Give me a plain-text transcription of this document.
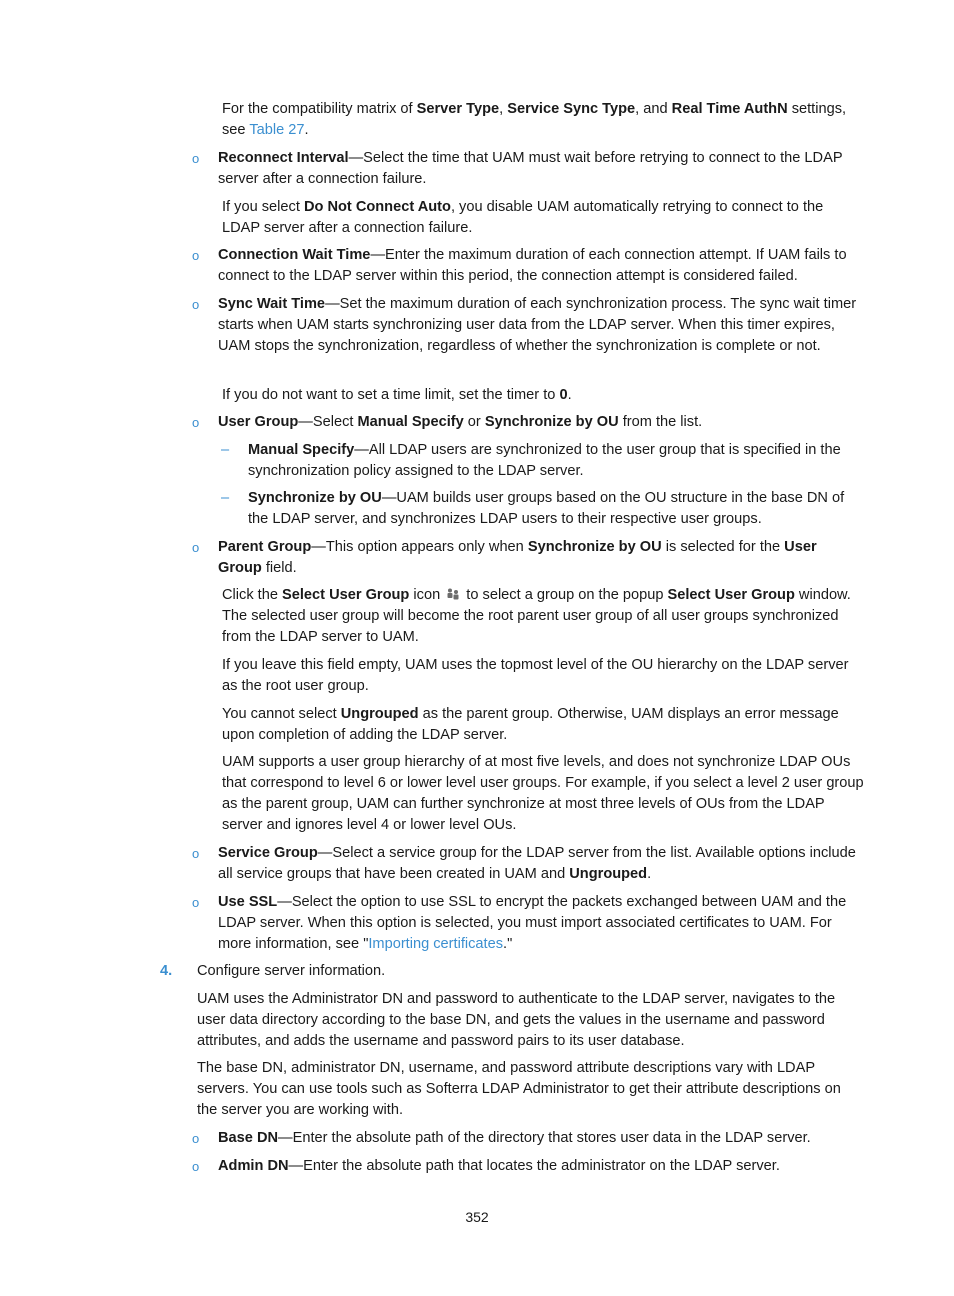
For the compatibility matrix of Server Type, Service Sync Type, and Real Time AuthN settings, see Table 27.

o Reconnect Interval—Select the time that UAM must wait before retrying to connect to the LDAP server after a connection failure.

If you select Do Not Connect Auto, you disable UAM automatically retrying to connect to the LDAP server after a connection failure.

o Connection Wait Time—Enter the maximum duration of each connection attempt. If UAM fails to connect to the LDAP server within this period, the connection attempt is considered failed.

o Sync Wait Time—Set the maximum duration of each synchronization process. The sync wait timer starts when UAM starts synchronizing user data from the LDAP server. When this timer expires, UAM stops the synchronization, regardless of whether the synchronization is complete or not.

If you do not want to set a time limit, set the timer to 0.

o User Group—Select Manual Specify or Synchronize by OU from the list.

– Manual Specify—All LDAP users are synchronized to the user group that is specified in the synchronization policy assigned to the LDAP server.

– Synchronize by OU—UAM builds user groups based on the OU structure in the base DN of the LDAP server, and synchronizes LDAP users to their respective user groups.

o Parent Group—This option appears only when Synchronize by OU is selected for the User Group field.

Click the Select User Group icon  to select a group on the popup Select User Group window. The selected user group will become the root parent user group of all user groups synchronized from the LDAP server to UAM.

If you leave this field empty, UAM uses the topmost level of the OU hierarchy on the LDAP server as the root user group.

You cannot select Ungrouped as the parent group. Otherwise, UAM displays an error message upon completion of adding the LDAP server.

UAM supports a user group hierarchy of at most five levels, and does not synchronize LDAP OUs that correspond to level 6 or lower level user groups. For example, if you select a level 2 user group as the parent group, UAM can further synchronize at most three levels of OUs from the LDAP server and ignores level 4 or lower level OUs.

o Service Group—Select a service group for the LDAP server from the list. Available options include all service groups that have been created in UAM and Ungrouped.

o Use SSL—Select the option to use SSL to encrypt the packets exchanged between UAM and the LDAP server. When this option is selected, you must import associated certificates to UAM. For more information, see "Importing certificates."

4. Configure server information.

UAM uses the Administrator DN and password to authenticate to the LDAP server, navigates to the user data directory according to the base DN, and gets the values in the username and password attributes, and adds the username and password pairs to its user database.

The base DN, administrator DN, username, and password attribute descriptions vary with LDAP servers. You can use tools such as Softerra LDAP Administrator to get their attribute descriptions on the server you are working with.

o Base DN—Enter the absolute path of the directory that stores user data in the LDAP server.

o Admin DN—Enter the absolute path that locates the administrator on the LDAP server.

352
